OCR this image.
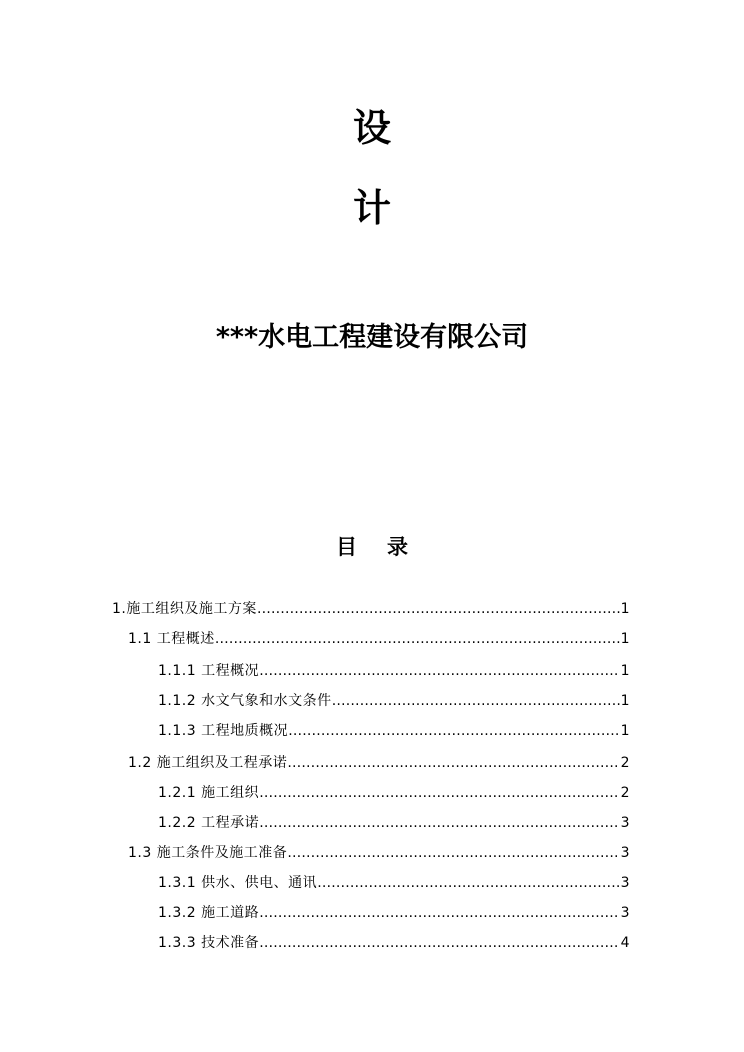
设
计
***水电工程建设有限公司
目 录
1.施工组织及施工方案 …………………………………………………………………………………………………………………………………………………………………………………………	1
1.1 工程概述 …………………………………………………………………………………………………………………………………………………………………………………………	1
1.1.1 工程概况 …………………………………………………………………………………………………………………………………………………………………………………………	1
1.1.2 水文气象和水文条件 …………………………………………………………………………………………………………………………………………………………………………………………	1
1.1.3 工程地质概况 …………………………………………………………………………………………………………………………………………………………………………………………	1
1.2 施工组织及工程承诺 …………………………………………………………………………………………………………………………………………………………………………………………	2
1.2.1 施工组织 …………………………………………………………………………………………………………………………………………………………………………………………	2
1.2.2 工程承诺 …………………………………………………………………………………………………………………………………………………………………………………………	3
1.3 施工条件及施工准备 …………………………………………………………………………………………………………………………………………………………………………………………	3
1.3.1 供水、供电、通讯 …………………………………………………………………………………………………………………………………………………………………………………………	3
1.3.2 施工道路 …………………………………………………………………………………………………………………………………………………………………………………………	3
1.3.3 技术准备 …………………………………………………………………………………………………………………………………………………………………………………………	4
